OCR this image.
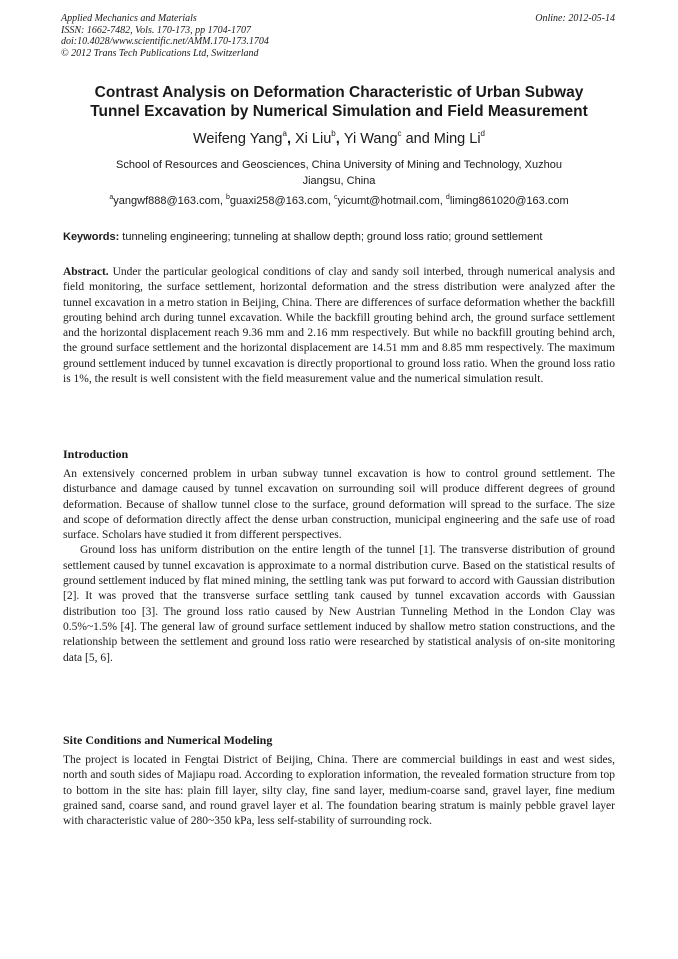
Applied Mechanics and Materials
ISSN: 1662-7482, Vols. 170-173, pp 1704-1707
doi:10.4028/www.scientific.net/AMM.170-173.1704
© 2012 Trans Tech Publications Ltd, Switzerland
Online: 2012-05-14
Contrast Analysis on Deformation Characteristic of Urban Subway
Tunnel Excavation by Numerical Simulation and Field Measurement
Weifeng Yang$^a$, Xi Liu$^b$, Yi Wang$^c$ and Ming Li$^d$
School of Resources and Geosciences, China University of Mining and Technology, Xuzhou
Jiangsu, China
$^a$yangwf888@163.com, $^b$guaxi258@163.com, $^c$yicumt@hotmail.com, $^d$liming861020@163.com
Keywords: tunneling engineering; tunneling at shallow depth; ground loss ratio; ground settlement

Abstract. Under the particular geological conditions of clay and sandy soil interbed, through numerical analysis and field monitoring, the surface settlement, horizontal deformation and the stress distribution were analyzed after the tunnel excavation in a metro station in Beijing, China. There are differences of surface deformation whether the backfill grouting behind arch during tunnel excavation. While the backfill grouting behind arch, the ground surface settlement and the horizontal displacement reach 9.36 mm and 2.16 mm respectively. But while no backfill grouting behind arch, the ground surface settlement and the horizontal displacement are 14.51 mm and 8.85 mm respectively. The maximum ground settlement induced by tunnel excavation is directly proportional to ground loss ratio. When the ground loss ratio is 1%, the result is well consistent with the field measurement value and the numerical simulation result.

Introduction

An extensively concerned problem in urban subway tunnel excavation is how to control ground settlement. The disturbance and damage caused by tunnel excavation on surrounding soil will produce different degrees of ground deformation. Because of shallow tunnel close to the surface, ground deformation will spread to the surface. The size and scope of deformation directly affect the dense urban construction, municipal engineering and the safe use of road surface. Scholars have studied it from different perspectives.

Ground loss has uniform distribution on the entire length of the tunnel [1]. The transverse distribution of ground settlement caused by tunnel excavation is approximate to a normal distribution curve. Based on the statistical results of ground settlement induced by flat mined mining, the settling tank was put forward to accord with Gaussian distribution [2]. It was proved that the transverse surface settling tank caused by tunnel excavation accords with Gaussian distribution too [3]. The ground loss ratio caused by New Austrian Tunneling Method in the London Clay was 0.5%~1.5% [4]. The general law of ground surface settlement induced by shallow metro station constructions, and the relationship between the settlement and ground loss ratio were researched by statistical analysis of on-site monitoring data [5, 6].

Site Conditions and Numerical Modeling

The project is located in Fengtai District of Beijing, China. There are commercial buildings in east and west sides, north and south sides of Majiapu road. According to exploration information, the revealed formation structure from top to bottom in the site has: plain fill layer, silty clay, fine sand layer, medium-coarse sand, gravel layer, fine medium grained sand, coarse sand, and round gravel layer et al. The foundation bearing stratum is mainly pebble gravel layer with characteristic value of 280~350 kPa, less self-stability of surrounding rock.
